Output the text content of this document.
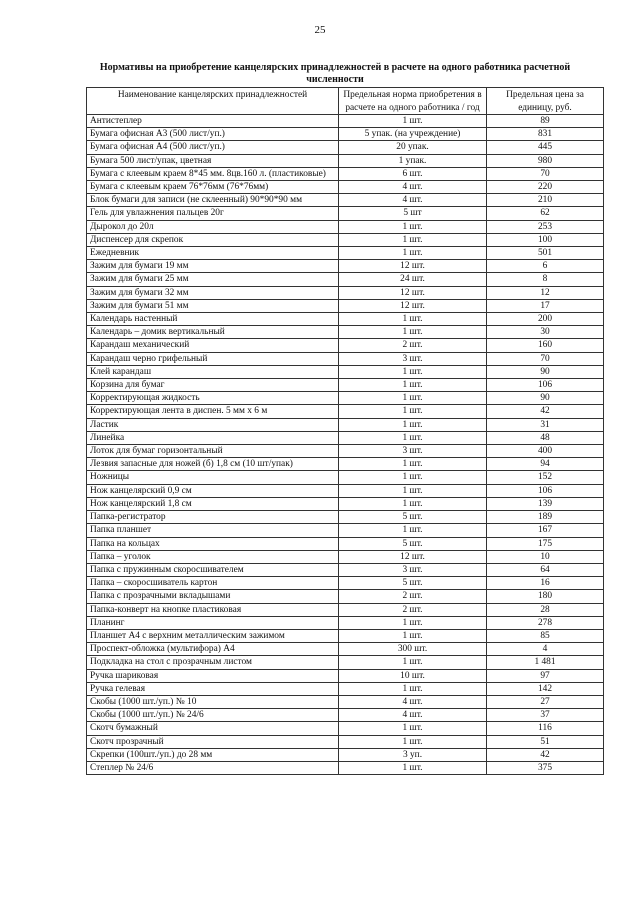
25
Нормативы на приобретение канцелярских принадлежностей в расчете на одного работника расчетной численности
Наименование канцелярских принадлежностей	Предельная норма приобретения в расчете на одного работника / год	Предельная цена за единицу, руб.
Антистеплер	1 шт.	89
Бумага офисная А3 (500 лист/уп.)	5 упак. (на учреждение)	831
Бумага офисная А4 (500 лист/уп.)	20 упак.	445
Бумага 500 лист/упак, цветная	1 упак.	980
Бумага с клеевым краем 8*45 мм. 8цв.160 л. (пластиковые)	6 шт.	70
Бумага с клеевым краем 76*76мм (76*76мм)	4 шт.	220
Блок бумаги для записи (не склеенный) 90*90*90 мм	4 шт.	210
Гель для увлажнения пальцев 20г	5 шт	62
Дырокол до 20л	1 шт.	253
Диспенсер для скрепок	1 шт.	100
Ежедневник	1 шт.	501
Зажим для бумаги 19 мм	12 шт.	6
Зажим для бумаги 25 мм	24 шт.	8
Зажим для бумаги 32 мм	12 шт.	12
Зажим для бумаги 51 мм	12 шт.	17
Календарь настенный	1 шт.	200
Календарь – домик вертикальный	1 шт.	30
Карандаш механический	2 шт.	160
Карандаш черно грифельный	3 шт.	70
Клей карандаш	1 шт.	90
Корзина для бумаг	1 шт.	106
Корректирующая жидкость	1 шт.	90
Корректирующая лента в диспен. 5 мм х 6 м	1 шт.	42
Ластик	1 шт.	31
Линейка	1 шт.	48
Лоток для бумаг горизонтальный	3 шт.	400
Лезвия запасные для ножей (б) 1,8 см (10 шт/упак)	1 шт.	94
Ножницы	1 шт.	152
Нож канцелярский 0,9 см	1 шт.	106
Нож канцелярский 1,8 см	1 шт.	139
Папка-регистратор	5 шт.	189
Папка планшет	1 шт.	167
Папка на кольцах	5 шт.	175
Папка – уголок	12 шт.	10
Папка с пружинным скоросшивателем	3 шт.	64
Папка – скоросшиватель картон	5 шт.	16
Папка с прозрачными вкладышами	2 шт.	180
Папка-конверт на кнопке пластиковая	2 шт.	28
Планинг	1 шт.	278
Планшет А4 с верхним металлическим зажимом	1 шт.	85
Проспект-обложка (мультифора) А4	300 шт.	4
Подкладка на стол с прозрачным листом	1 шт.	1 481
Ручка шариковая	10 шт.	97
Ручка гелевая	1 шт.	142
Скобы (1000 шт./уп.) № 10	4 шт.	27
Скобы (1000 шт./уп.) № 24/6	4 шт.	37
Скотч бумажный	1 шт.	116
Скотч прозрачный	1 шт.	51
Скрепки (100шт./уп.) до 28 мм	3 уп.	42
Степлер № 24/6	1 шт.	375
